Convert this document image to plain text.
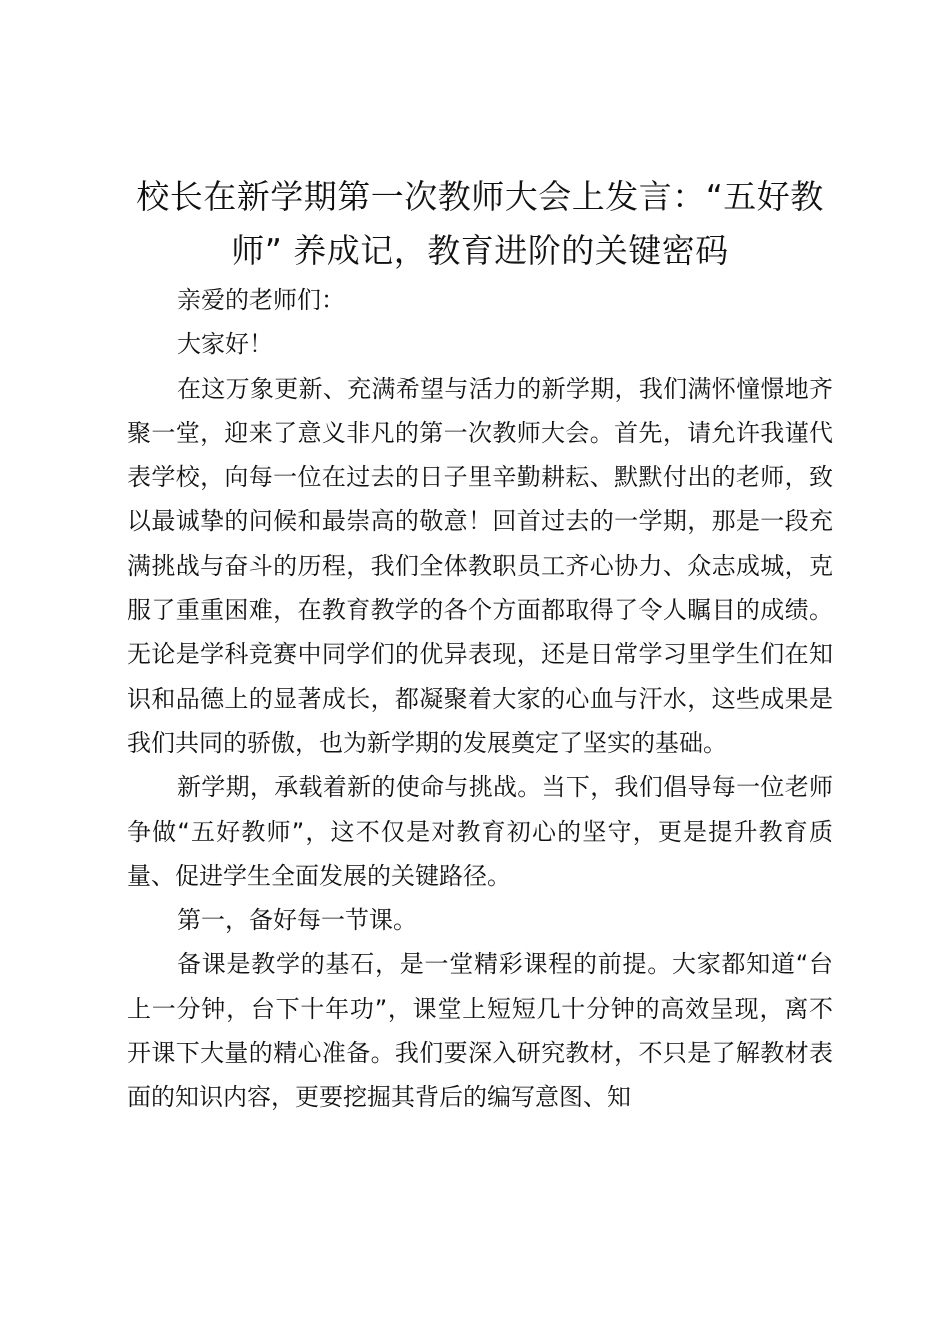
校长在新学期第一次教师大会上发言：“五好教师” 养成记，教育进阶的关键密码

亲爱的老师们：

大家好！

在这万象更新、充满希望与活力的新学期，我们满怀憧憬地齐聚一堂，迎来了意义非凡的第一次教师大会。首先，请允许我谨代表学校，向每一位在过去的日子里辛勤耕耘、默默付出的老师，致以最诚挚的问候和最崇高的敬意！回首过去的一学期，那是一段充满挑战与奋斗的历程，我们全体教职员工齐心协力、众志成城，克服了重重困难，在教育教学的各个方面都取得了令人瞩目的成绩。无论是学科竞赛中同学们的优异表现，还是日常学习里学生们在知识和品德上的显著成长，都凝聚着大家的心血与汗水，这些成果是我们共同的骄傲，也为新学期的发展奠定了坚实的基础。

新学期，承载着新的使命与挑战。当下，我们倡导每一位老师争做“五好教师”，这不仅是对教育初心的坚守，更是提升教育质量、促进学生全面发展的关键路径。

第一，备好每一节课。

备课是教学的基石，是一堂精彩课程的前提。大家都知道“台上一分钟，台下十年功”，课堂上短短几十分钟的高效呈现，离不开课下大量的精心准备。我们要深入研究教材，不只是了解教材表面的知识内容，更要挖掘其背后的编写意图、知
